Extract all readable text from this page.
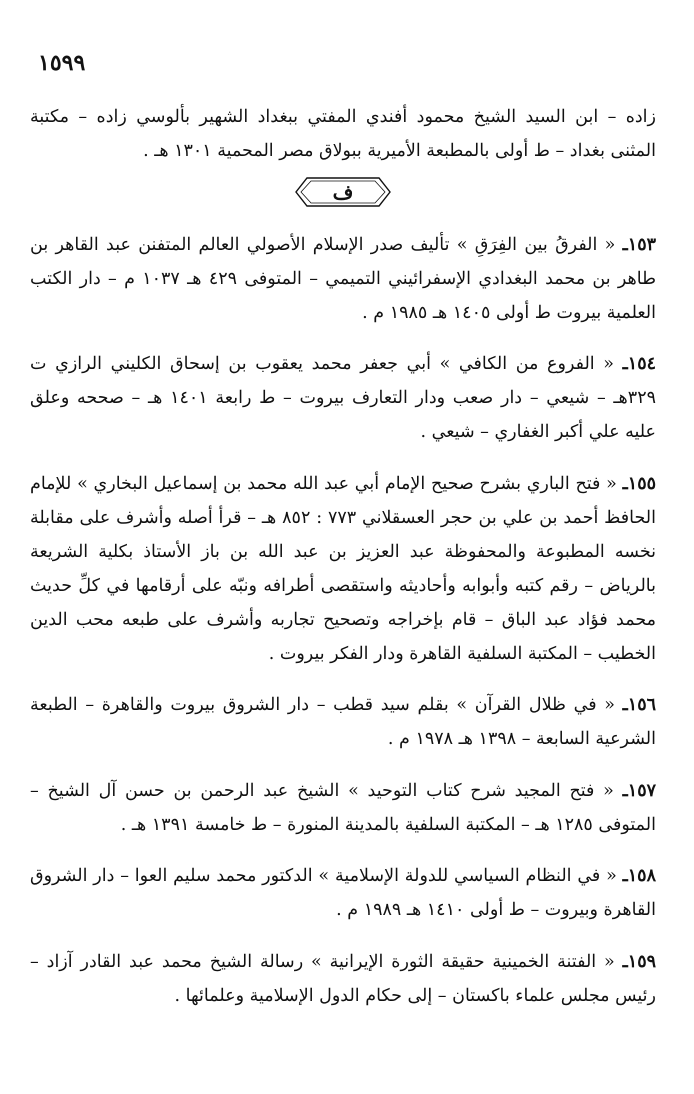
١٥٩٩

زاده – ابن السيد الشيخ محمود أفندي المفتي ببغداد الشهير بألوسي زاده – مكتبة المثنى بغداد – ط أولى بالمطبعة الأميرية ببولاق مصر المحمية ١٣٠١ هـ .

ف

١٥٣ـ « الفرقُ بين الفِرَقِ » تأليف صدر الإسلام الأصولي العالم المتفنن عبد القاهر بن طاهر بن محمد البغدادي الإسفرائيني التميمي – المتوفى ٤٢٩ هـ ١٠٣٧ م – دار الكتب العلمية بيروت ط أولى ١٤٠٥ هـ ١٩٨٥ م .

١٥٤ـ « الفروع من الكافي » أبي جعفر محمد يعقوب بن إسحاق الكليني الرازي ت ٣٢٩هـ – شيعي – دار صعب ودار التعارف بيروت – ط رابعة ١٤٠١ هـ – صححه وعلق عليه علي أكبر الغفاري – شيعي .

١٥٥ـ « فتح الباري بشرح صحيح الإمام أبي عبد الله محمد بن إسماعيل البخاري » للإمام الحافظ أحمد بن علي بن حجر العسقلاني ٧٧٣ : ٨٥٢ هـ – قرأ أصله وأشرف على مقابلة نخسه المطبوعة والمحفوظة عبد العزيز بن عبد الله بن باز الأستاذ بكلية الشريعة بالرياض – رقم كتبه وأبوابه وأحاديثه واستقصى أطرافه ونبّه على أرقامها في كلِّ حديث محمد فؤاد عبد الباق – قام بإخراجه وتصحيح تجاربه وأشرف على طبعه محب الدين الخطيب – المكتبة السلفية القاهرة ودار الفكر بيروت .

١٥٦ـ « في ظلال القرآن » بقلم سيد قطب – دار الشروق بيروت والقاهرة – الطبعة الشرعية السابعة – ١٣٩٨ هـ ١٩٧٨ م .

١٥٧ـ « فتح المجيد شرح كتاب التوحيد » الشيخ عبد الرحمن بن حسن آل الشيخ – المتوفى ١٢٨٥ هـ – المكتبة السلفية بالمدينة المنورة – ط خامسة ١٣٩١ هـ .

١٥٨ـ « في النظام السياسي للدولة الإسلامية » الدكتور محمد سليم العوا – دار الشروق القاهرة وبيروت – ط أولى ١٤١٠ هـ ١٩٨٩ م .

١٥٩ـ « الفتنة الخمينية حقيقة الثورة الإيرانية » رسالة الشيخ محمد عبد القادر آزاد – رئيس مجلس علماء باكستان – إلى حكام الدول الإسلامية وعلمائها .
